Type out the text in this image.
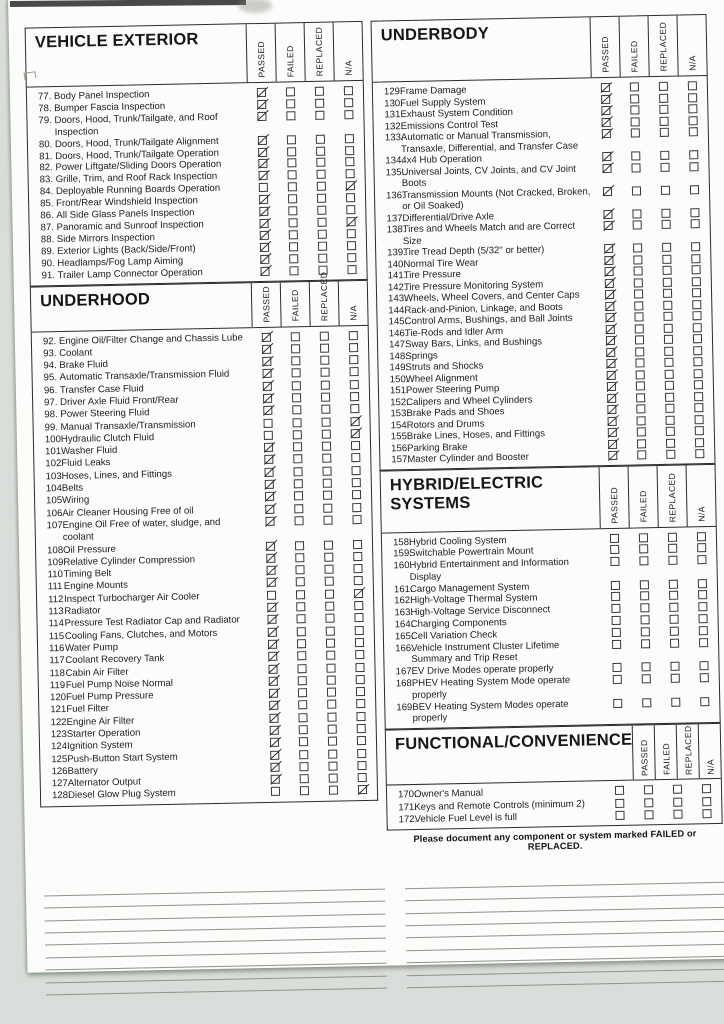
VEHICLE EXTERIOR
PASSED FAILED REPLACED N/A
77. Body Panel Inspection
78. Bumper Fascia Inspection
79. Doors, Hood, Trunk/Tailgate, and Roof Inspection
80. Doors, Hood, Trunk/Tailgate Alignment
81. Doors, Hood, Trunk/Tailgate Operation
82. Power Liftgate/Sliding Doors Operation
83. Grille, Trim, and Roof Rack Inspection
84. Deployable Running Boards Operation
85. Front/Rear Windshield Inspection
86. All Side Glass Panels Inspection
87. Panoramic and Sunroof Inspection
88. Side Mirrors Inspection
89. Exterior Lights (Back/Side/Front)
90. Headlamps/Fog Lamp Aiming
91. Trailer Lamp Connector Operation
UNDERHOOD	PASSED FAILED REPLACED N/A
92. Engine Oil/Filter Change and Chassis Lube
93. Coolant
94. Brake Fluid
95. Automatic Transaxle/Transmission Fluid
96. Transfer Case Fluid
97. Driver Axle Fluid Front/Rear
98. Power Steering Fluid
99. Manual Transaxle/Transmission
100 Hydraulic Clutch Fluid
101 Washer Fluid
102 Fluid Leaks
103 Hoses, Lines, and Fittings
104 Belts
105 Wiring
106 Air Cleaner Housing Free of oil
107 Engine Oil Free of water, sludge, and coolant
108 Oil Pressure
109 Relative Cylinder Compression
110 Timing Belt
111 Engine Mounts
112 Inspect Turbocharger Air Cooler
113 Radiator
114 Pressure Test Radiator Cap and Radiator
115 Cooling Fans, Clutches, and Motors
116 Water Pump
117 Coolant Recovery Tank
118 Cabin Air Filter
119 Fuel Pump Noise Normal
120 Fuel Pump Pressure
121 Fuel Filter
122 Engine Air Filter
123 Starter Operation
124 Ignition System
125 Push-Button Start System
126 Battery
127 Alternator Output
128 Diesel Glow Plug System
UNDERBODY
PASSED FAILED REPLACED N/A
129.
Frame Damage
130.
Fuel Supply System
131.
Exhaust System Condition
132.
Emissions Control Test
133.
Automatic or Manual Transmission, Transaxle, Differential, and Transfer Case
134.
4x4 Hub Operation
135.
Universal Joints, CV Joints, and CV Joint Boots
136.
Transmission Mounts (Not Cracked, Broken, or Oil Soaked)
137.
Differential/Drive Axle
138.
Tires and Wheels Match and are Correct Size
139.
Tire Tread Depth (5/32" or better)
140.
Normal Tire Wear
141.
Tire Pressure
142.
Tire Pressure Monitoring System
143.
Wheels, Wheel Covers, and Center Caps
144.
Rack-and-Pinion, Linkage, and Boots
145.
Control Arms, Bushings, and Ball Joints
146.
Tie-Rods and Idler Arm
147.
Sway Bars, Links, and Bushings
148.
Springs
149.
Struts and Shocks
150.
Wheel Alignment
151.
Power Steering Pump
152.
Calipers and Wheel Cylinders
153.
Brake Pads and Shoes
154.
Rotors and Drums
155.
Brake Lines, Hoses, and Fittings
156.
Parking Brake
157.
Master Cylinder and Booster
HYBRID/ELECTRIC SYSTEMS	PASSED FAILED REPLACED N/A
158.
Hybrid Cooling System
159.
Switchable Powertrain Mount
160.
Hybrid Entertainment and Information Display
161.
Cargo Management System
162.
High-Voltage Thermal System
163.
High-Voltage Service Disconnect
164.
Charging Components
165.
Cell Variation Check
166.
Vehicle Instrument Cluster Lifetime Summary and Trip Reset
167.
EV Drive Modes operate properly
168.
PHEV Heating System Mode operate properly
169.
BEV Heating System Modes operate properly
FUNCTIONAL/CONVENIENCE PASSED FAILED REPLACED N/A
170.
Owner's Manual
171.
Keys and Remote Controls (minimum 2)
172.
Vehicle Fuel Level is full
Please document any component or system marked FAILED or REPLACED.
